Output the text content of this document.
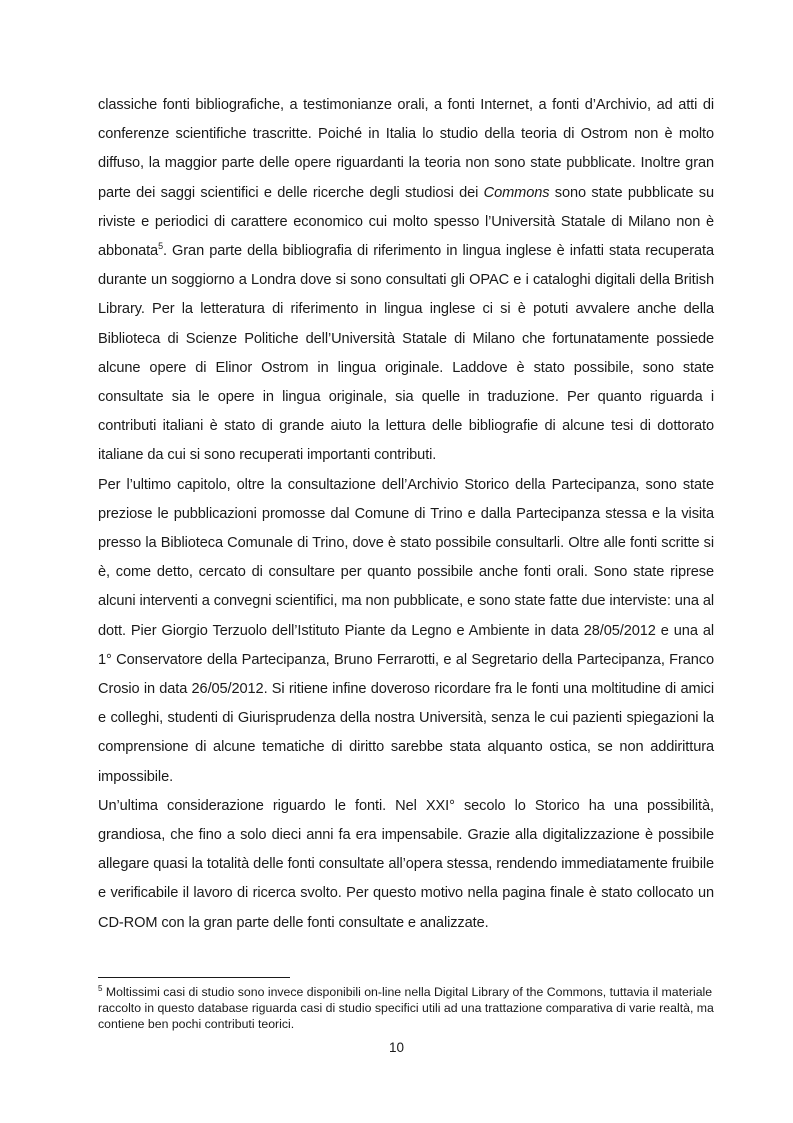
classiche fonti bibliografiche, a testimonianze orali, a fonti Internet, a fonti d’Archivio, ad atti di conferenze scientifiche trascritte. Poiché in Italia lo studio della teoria di Ostrom non è molto diffuso, la maggior parte delle opere riguardanti la teoria non sono state pubblicate. Inoltre gran parte dei saggi scientifici e delle ricerche degli studiosi dei Commons sono state pubblicate su riviste e periodici di carattere economico cui molto spesso l’Università Statale di Milano non è abbonata$^5$. Gran parte della bibliografia di riferimento in lingua inglese è infatti stata recuperata durante un soggiorno a Londra dove si sono consultati gli OPAC e i cataloghi digitali della British Library. Per la letteratura di riferimento in lingua inglese ci si è potuti avvalere anche della Biblioteca di Scienze Politiche dell’Università Statale di Milano che fortunatamente possiede alcune opere di Elinor Ostrom in lingua originale. Laddove è stato possibile, sono state consultate sia le opere in lingua originale, sia quelle in traduzione. Per quanto riguarda i contributi italiani è stato di grande aiuto la lettura delle bibliografie di alcune tesi di dottorato italiane da cui si sono recuperati importanti contributi.

Per l’ultimo capitolo, oltre la consultazione dell’Archivio Storico della Partecipanza, sono state preziose le pubblicazioni promosse dal Comune di Trino e dalla Partecipanza stessa e la visita presso la Biblioteca Comunale di Trino, dove è stato possibile consultarli. Oltre alle fonti scritte si è, come detto, cercato di consultare per quanto possibile anche fonti orali. Sono state riprese alcuni interventi a convegni scientifici, ma non pubblicate, e sono state fatte due interviste: una al dott. Pier Giorgio Terzuolo dell’Istituto Piante da Legno e Ambiente in data 28/05/2012 e una al 1° Conservatore della Partecipanza, Bruno Ferrarotti, e al Segretario della Partecipanza, Franco Crosio in data 26/05/2012. Si ritiene infine doveroso ricordare fra le fonti una moltitudine di amici e colleghi, studenti di Giurisprudenza della nostra Università, senza le cui pazienti spiegazioni la comprensione di alcune tematiche di diritto sarebbe stata alquanto ostica, se non addirittura impossibile.

Un’ultima considerazione riguardo le fonti. Nel XXI° secolo lo Storico ha una possibilità, grandiosa, che fino a solo dieci anni fa era impensabile. Grazie alla digitalizzazione è possibile allegare quasi la totalità delle fonti consultate all’opera stessa, rendendo immediatamente fruibile e verificabile il lavoro di ricerca svolto. Per questo motivo nella pagina finale è stato collocato un CD-ROM con la gran parte delle fonti consultate e analizzate.

$^5$ Moltissimi casi di studio sono invece disponibili on-line nella Digital Library of the Commons, tuttavia il materiale raccolto in questo database riguarda casi di studio specifici utili ad una trattazione comparativa di varie realtà, ma contiene ben pochi contributi teorici.

10
